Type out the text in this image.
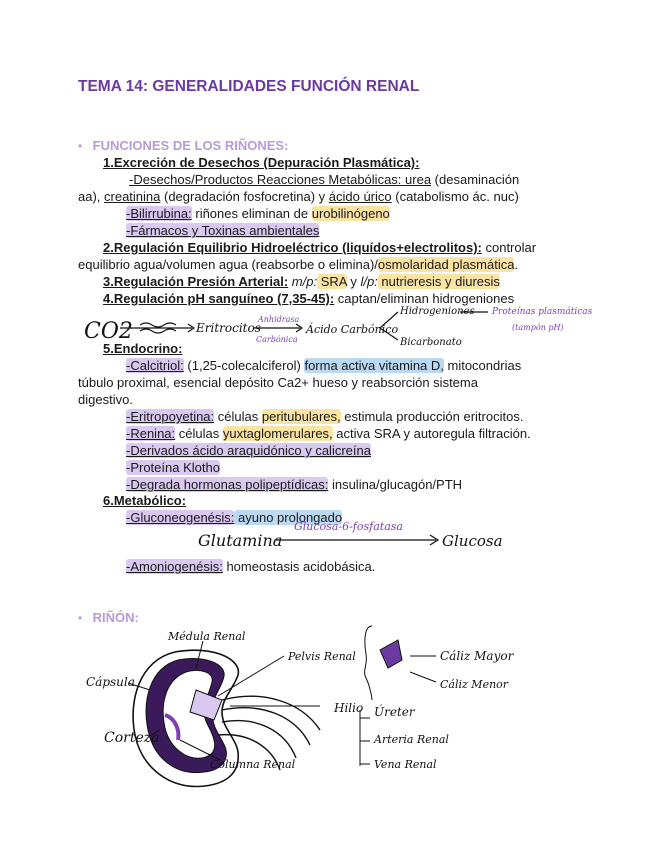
TEMA 14: GENERALIDADES FUNCIÓN RENAL
• FUNCIONES DE LOS RIÑONES:
1.Excreción de Desechos (Depuración Plasmática):
-Desechos/Productos Reacciones Metabólicas: urea (desaminación
aa), creatinina (degradación fosfocretina) y ácido úrico (catabolismo ác. nuc)
-Bilirrubina: riñones eliminan de urobilinógeno
-Fármacos y Toxinas ambientales
2.Regulación Equilibrio Hidroeléctrico (liquídos+electrolitos): controlar
equilibrio agua/volumen agua (reabsorbe o elimina)/osmolaridad plasmática.
3.Regulación Presión Arterial: m/p: SRA y l/p: nutrieresis y diuresis
4.Regulación pH sanguíneo (7,35-45): captan/eliminan hidrogeniones
CO2	Eritrocitos
Anhidrasa
Carbónica
Ácido Carbónico
Hidrogeniones Proteínas plasmáticas
(tampón pH)
Bicarbonato
5.Endocrino:
-Calcitriol: (1,25-colecalciferol) forma activa vitamina D, mitocondrias
túbulo proximal, esencial depósito Ca2+ hueso y reabsorción sistema
digestivo.
-Eritropoyetina: células peritubulares, estimula producción eritrocitos.
-Renina: células yuxtaglomerulares, activa SRA y autoregula filtración.
-Derivados ácido araquidónico y calicreína
-Proteína Klotho
-Degrada hormonas polipeptídicas: insulina/glucagón/PTH
6.Metabólico:
-Gluconeogenésis: ayuno prolongado
Glutamina
Glucosa-6-fosfatasa
Glucosa
-Amoniogenésis: homeostasis acidobásica.
• RIÑÓN:
Médula Renal
Cápsula
Corteza
Columna Renal
Pelvis Renal	Cáliz Mayor
Cáliz Menor
Hilio Úreter
Arteria Renal
Vena Renal
